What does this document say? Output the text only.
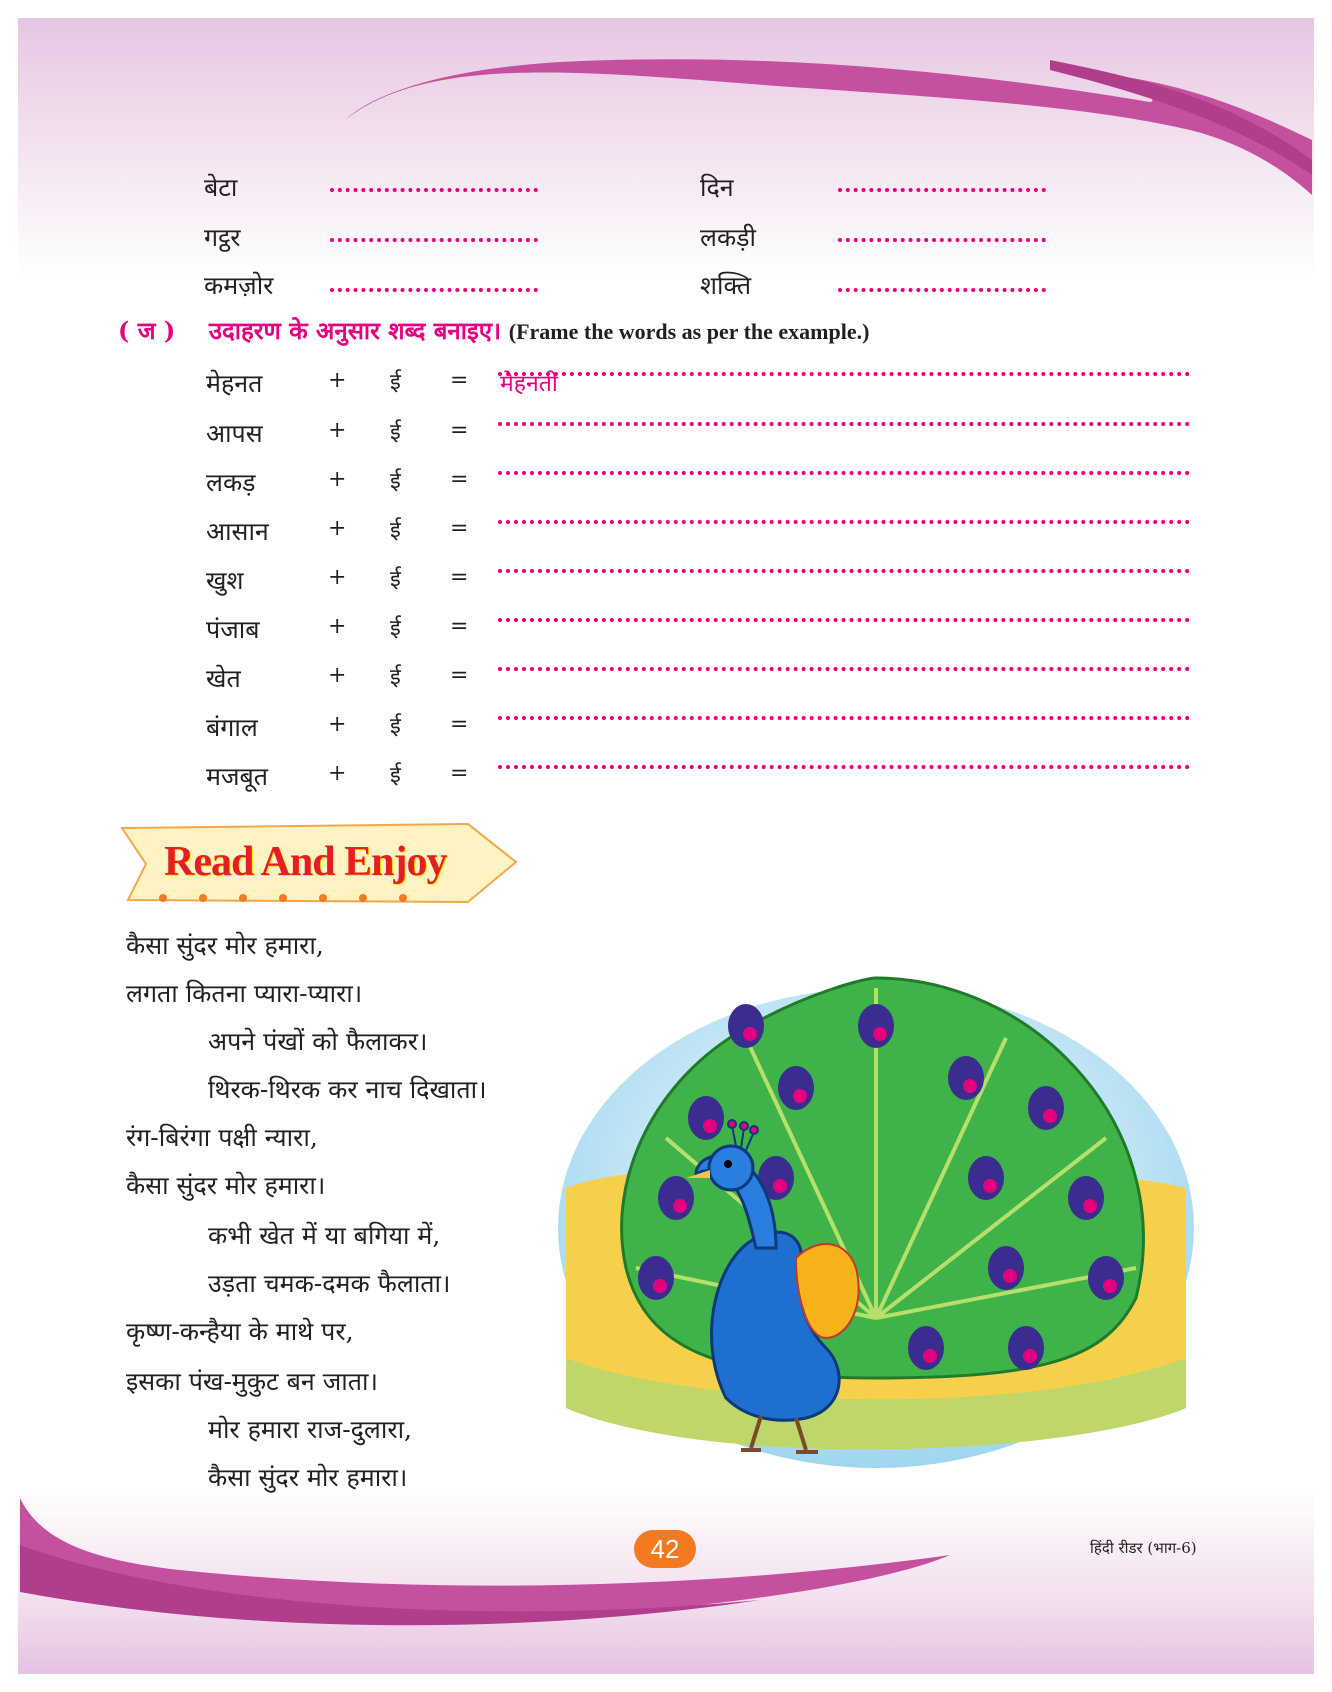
बेटा	दिन
गट्ठर	लकड़ी
कमज़ोर	शक्ति
( ज ) उदाहरण के अनुसार शब्द बनाइए। (Frame the words as per the example.)
मेहनत	+ ई = मेहनती
आपस	+ ई =
लकड़	+ ई =
आसान	+ ई =
खुश	+ ई =
पंजाब	+ ई =
खेत	+ ई =
बंगाल	+ ई =
मजबूत	+ ई =
Read And Enjoy
कैसा सुंदर मोर हमारा,
लगता कितना प्यारा-प्यारा।
अपने पंखों को फैलाकर।
थिरक-थिरक कर नाच दिखाता।
रंग-बिरंगा पक्षी न्यारा,
कैसा सुंदर मोर हमारा।
कभी खेत में या बगिया में,
उड़ता चमक-दमक फैलाता।
कृष्ण-कन्हैया के माथे पर,
इसका पंख-मुकुट बन जाता।
मोर हमारा राज-दुलारा,
कैसा सुंदर मोर हमारा।
42	हिंदी रीडर (भाग-6)
